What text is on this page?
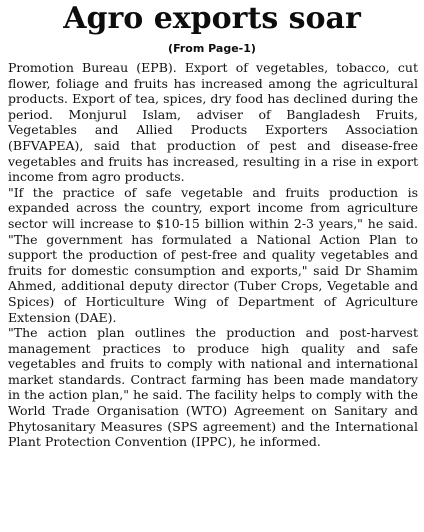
Agro exports soar
(From Page-1)

Promotion Bureau (EPB). Export of vegetables, tobacco, cut flower, foliage and fruits has increased among the agricultural products. Export of tea, spices, dry food has declined during the period. Monjurul Islam, adviser of Bangladesh Fruits, Vegetables and Allied Products Exporters Association (BFVAPEA), said that production of pest and disease-free vegetables and fruits has increased, resulting in a rise in export income from agro products.

"If the practice of safe vegetable and fruits production is expanded across the country, export income from agriculture sector will increase to $10-15 billion within 2-3 years," he said. "The government has formulated a National Action Plan to support the production of pest-free and quality vegetables and fruits for domestic consumption and exports," said Dr Shamim Ahmed, additional deputy director (Tuber Crops, Vegetable and Spices) of Horticulture Wing of Department of Agriculture Extension (DAE).

"The action plan outlines the production and post-harvest management practices to produce high quality and safe vegetables and fruits to comply with national and international market standards. Contract farming has been made mandatory in the action plan," he said. The facility helps to comply with the World Trade Organisation (WTO) Agreement on Sanitary and Phytosanitary Measures (SPS agreement) and the International Plant Protection Convention (IPPC), he informed.
